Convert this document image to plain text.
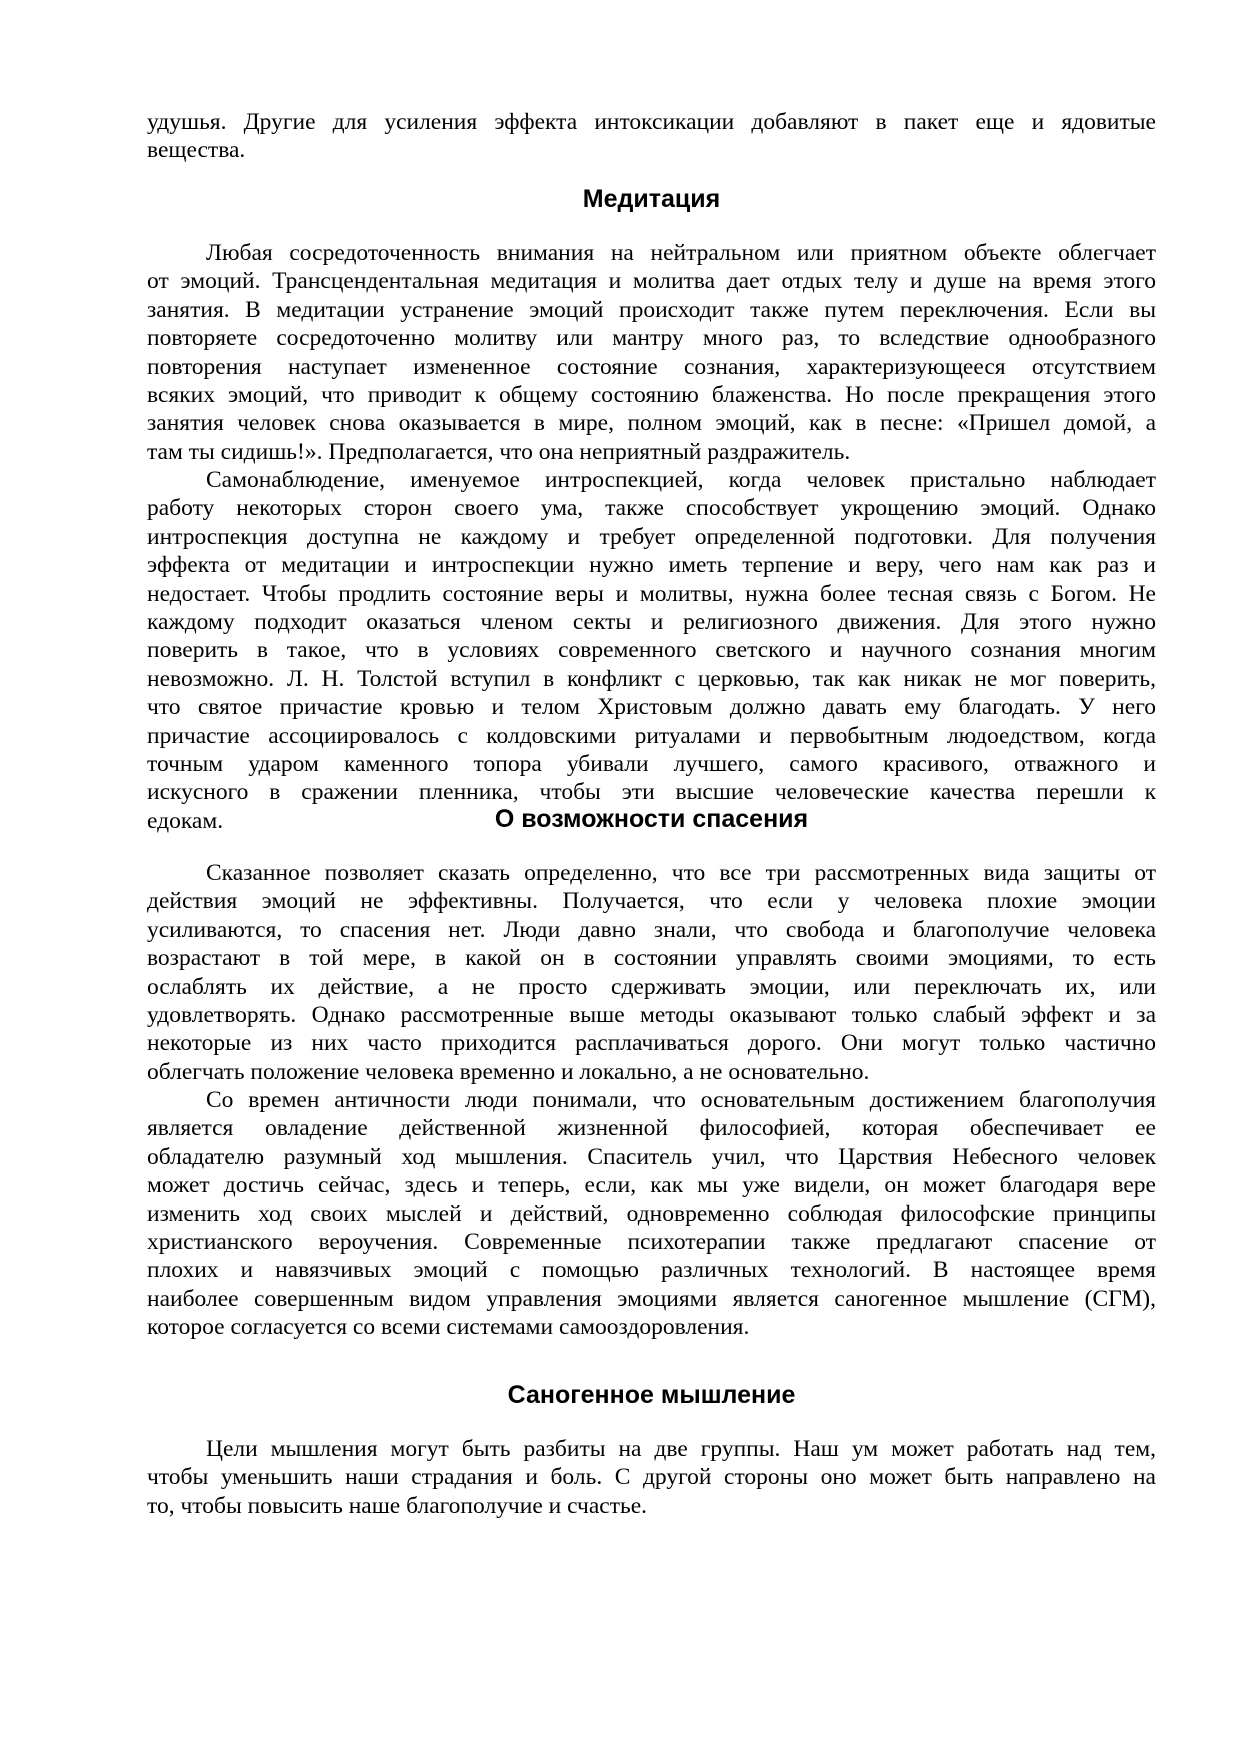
удушья. Другие для усиления эффекта интоксикации добавляют в пакет еще и ядовитые
вещества.

Медитация

Любая сосредоточенность внимания на нейтральном или приятном объекте облегчает
от эмоций. Трансцендентальная медитация и молитва дает отдых телу и душе на время этого
занятия. В медитации устранение эмоций происходит также путем переключения. Если вы
повторяете сосредоточенно молитву или мантру много раз, то вследствие однообразного
повторения наступает измененное состояние сознания, характеризующееся отсутствием
всяких эмоций, что приводит к общему состоянию блаженства. Но после прекращения этого
занятия человек снова оказывается в мире, полном эмоций, как в песне: «Пришел домой, а
там ты сидишь!». Предполагается, что она неприятный раздражитель.

Самонаблюдение, именуемое интроспекцией, когда человек пристально наблюдает
работу некоторых сторон своего ума, также способствует укрощению эмоций. Однако
интроспекция доступна не каждому и требует определенной подготовки. Для получения
эффекта от медитации и интроспекции нужно иметь терпение и веру, чего нам как раз и
недостает. Чтобы продлить состояние веры и молитвы, нужна более тесная связь с Богом. Не
каждому подходит оказаться членом секты и религиозного движения. Для этого нужно
поверить в такое, что в условиях современного светского и научного сознания многим
невозможно. Л. Н. Толстой вступил в конфликт с церковью, так как никак не мог поверить,
что святое причастие кровью и телом Христовым должно давать ему благодать. У него
причастие ассоциировалось с колдовскими ритуалами и первобытным людоедством, когда
точным ударом каменного топора убивали лучшего, самого красивого, отважного и
искусного в сражении пленника, чтобы эти высшие человеческие качества перешли к
едокам.	О возможности спасения

Сказанное позволяет сказать определенно, что все три рассмотренных вида защиты от
действия эмоций не эффективны. Получается, что если у человека плохие эмоции
усиливаются, то спасения нет. Люди давно знали, что свобода и благополучие человека
возрастают в той мере, в какой он в состоянии управлять своими эмоциями, то есть
ослаблять их действие, а не просто сдерживать эмоции, или переключать их, или
удовлетворять. Однако рассмотренные выше методы оказывают только слабый эффект и за
некоторые из них часто приходится расплачиваться дорого. Они могут только частично
облегчать положение человека временно и локально, а не основательно.

Со времен античности люди понимали, что основательным достижением благополучия
является овладение действенной жизненной философией, которая обеспечивает ее
обладателю разумный ход мышления. Спаситель учил, что Царствия Небесного человек
может достичь сейчас, здесь и теперь, если, как мы уже видели, он может благодаря вере
изменить ход своих мыслей и действий, одновременно соблюдая философские принципы
христианского вероучения. Современные психотерапии также предлагают спасение от
плохих и навязчивых эмоций с помощью различных технологий. В настоящее время
наиболее совершенным видом управления эмоциями является саногенное мышление (СГМ),
которое согласуется со всеми системами самооздоровления.

Саногенное мышление

Цели мышления могут быть разбиты на две группы. Наш ум может работать над тем,
чтобы уменьшить наши страдания и боль. С другой стороны оно может быть направлено на
то, чтобы повысить наше благополучие и счастье.
